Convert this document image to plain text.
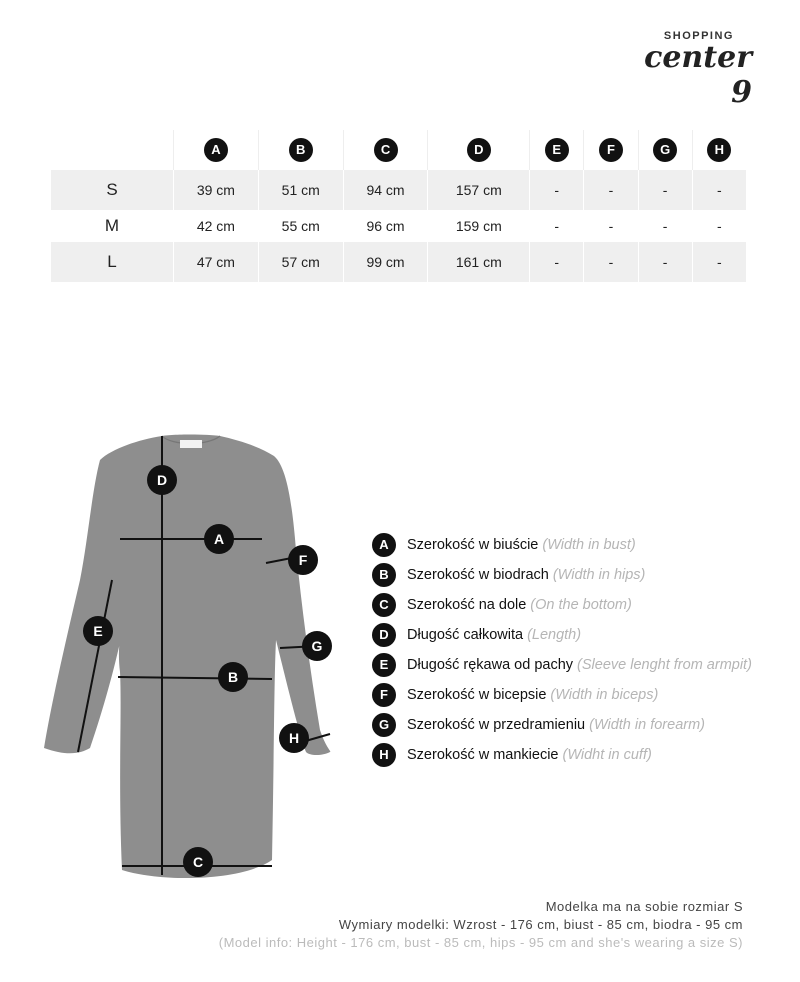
SHOPPING
center 9
	A	B	C	D	E	F	G	H
S	39 cm	51 cm	94 cm	157 cm	-	-	-	-
M	42 cm	55 cm	96 cm	159 cm	-	-	-	-
L	47 cm	57 cm	99 cm	161 cm	-	-	-	-
D
A
F
E
G
B
H
C
A	Szerokość w biuście (Width in bust)
B	Szerokość w biodrach (Width in hips)
C	Szerokość na dole (On the bottom)
D	Długość całkowita (Length)
E	Długość rękawa od pachy (Sleeve lenght from armpit)
F	Szerokość w bicepsie (Width in biceps)
G	Szerokość w przedramieniu (Width in forearm)
H	Szerokość w mankiecie (Widht in cuff)
Modelka ma na sobie rozmiar S
Wymiary modelki: Wzrost - 176 cm, biust - 85 cm, biodra - 95 cm
(Model info: Height - 176 cm, bust - 85 cm, hips - 95 cm and she's wearing a size S)
